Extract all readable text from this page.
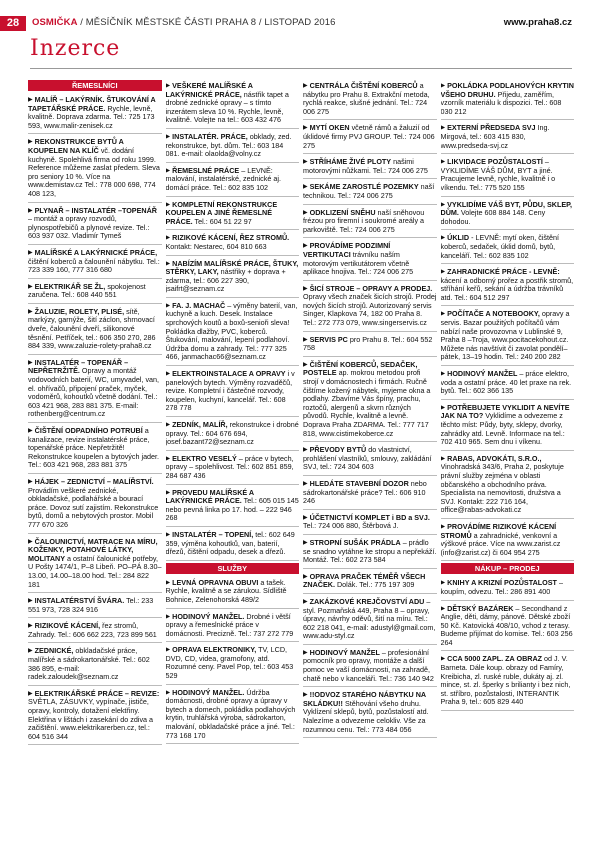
28	OSMIČKA / MĚSÍČNÍK MĚSTSKÉ ČÁSTI PRAHA 8 / LISTOPAD 2016	www.praha8.cz
Inzerce
ŘEMESLNÍCI
▶ MALÍŘ – LAKÝRNÍK. ŠTUKOVÁNÍ A TAPETÁŘSKÉ PRÁCE. Rychle, levně, kvalitně. Doprava zdarma. Tel.: 725 173 593, www.malir-zenisek.cz
▶ REKONSTRUKCE BYTŮ A KOUPELEN NA KLÍČ vč. dodání kuchyně. Spolehlivá firma od roku 1999. Reference můžeme zaslat předem. Sleva pro seniory 10 %. Více na www.demistav.cz Tel.: 778 000 698, 774 408 123,
▶ PLYNAŘ – INSTALATÉR –TOPENÁŘ – montáž a opravy rozvodů, plynospotřebičů a plynové revize. Tel.: 603 937 032. Vladimír Tymeš
▶ MALÍŘSKÉ A LAKÝRNICKÉ PRÁCE, čištění koberců a čalounění nábytku. Tel.: 723 339 160, 777 316 680
▶ ELEKTRIKÁŘ SE ŽL, spokojenost zaručena. Tel.: 608 440 551
▶ ŽALUZIE, ROLETY, PLISÉ, sítě, markýzy, garnýže, šití záclon, shrnovací dveře, čalounění dveří, silikonové těsnění. Petříček, tel.: 606 350 270, 286 884 339, www.zaluzie-rolety-praha8.cz
▶ INSTALATÉR – TOPENÁŘ – NEPŘETRŽITĚ. Opravy a montáž vodovodních baterií, WC, umyvadel, van, el. ohřívačů, připojení praček, myček, vodoměrů, kohoutků včetně dodání. Tel.: 603 421 968, 283 881 375. E-mail: rothenberg@centrum.cz
▶ ČIŠTĚNÍ ODPADNÍHO POTRUBÍ a kanalizace, revize instalatérské práce, topenářské práce. Nepřetržitě! Rekonstrukce koupelen a bytových jader. Tel.: 603 421 968, 283 881 375
▶ HÁJEK – ZEDNICTVÍ – MALÍŘSTVÍ. Provádím veškeré zednické, obkladačské, podlahářské a bourací práce. Dovoz sutí zajistím. Rekonstrukce bytů, domů a nebytových prostor. Mobil 777 670 326
▶ ČALOUNICTVÍ, MATRACE NA MÍRU, KOŽENKY, POTAHOVÉ LÁTKY, MOLITANY a ostatní čalounické potřeby, U Pošty 1474/1, P–8 Libeň. PO–PÁ 8.30–13.00, 14.00–18.00 hod. Tel.: 284 822 181
▶ INSTALATÉRSTVÍ ŠVÁRA. Tel.: 233 551 973, 728 324 916
▶ RIZIKOVÉ KÁCENÍ, řez stromů, Zahrady. Tel.: 606 662 223, 723 899 561
▶ ZEDNICKÉ, obkladačské práce, malířské a sádrokartonářské. Tel.: 602 386 895, e-mail: radek.zaloudek@seznam.cz
▶ ELEKTRIKÁŘSKÉ PRÁCE – REVIZE: SVĚTLA, ZÁSUVKY, vypínače, jističe, opravy, kontroly, dotažení elektřiny. Elektřina v lištách i zasekání do zdiva a začištění. www.elektrikarerben.cz, tel.: 604 516 344
▶ VEŠKERÉ MALÍŘSKÉ A LAKÝRNICKÉ PRÁCE, nástřik tapet a drobné zednické opravy – s tímto inzerátem sleva 10 %. Rychle, levně, kvalitně. Volejte na tel.: 603 432 476
▶ INSTALATÉR. PRÁCE, obklady, zed. rekonstrukce, byt. dům. Tel.: 603 184 081. e-mail: olaolda@volny.cz
▶ ŘEMESLNÉ PRÁCE – LEVNĚ: malování, instalatérské, zednické aj. domácí práce. Tel.: 602 835 102
▶ KOMPLETNÍ REKONSTRUKCE KOUPELEN A JINÉ ŘEMESLNÉ PRÁCE. Tel.: 604 51 22 97
▶ RIZIKOVÉ KÁCENÍ, ŘEZ STROMŮ. Kontakt: Nestarec, 604 810 663
▶ NABÍZÍM MALÍŘSKÉ PRÁCE, ŠTUKY, STĚRKY, LAKY, nástřiky + doprava + zdarma, tel.: 606 227 390, jsaifrt@seznam.cz
▶ FA. J. MACHAČ – výměny baterií, van, kuchyně a kuch. Desek. Instalace sprchových koutů a boxů-senioři sleva! Pokládka dlažby, PVC, koberců. Štukování, malování, lepení podlahoví. Údržba domu a zahrady. Tel.: 777 325 466, janmachac66@seznam.cz
▶ ELEKTROINSTALACE A OPRAVY i v panelových bytech. Výměny rozvaděčů, revize. Kompletní i částečné rozvody, koupelen, kuchyní, kancelář. Tel.: 608 278 778
▶ ZEDNÍK, MALÍŘ, rekonstrukce i drobné opravy. Tel.: 604 676 694, josef.bazant72@seznam.cz
▶ ELEKTRO VESELÝ – práce v bytech, opravy – spolehlivost. Tel.: 602 851 859, 284 687 436
▶ PROVEDU MALÍŘSKÉ A LAKÝRNICKÉ PRÁCE. Tel.: 605 015 145 nebo pevná linka po 17. hod. – 222 946 268
▶ INSTALATÉR – TOPENÍ, tel.: 602 649 359, výměna kohoutků, van, baterií, dřezů, čištění odpadu, desek a dřezů.
SLUŽBY
▶ LEVNÁ OPRAVNA OBUVI a tašek. Rychle, kvalitně a se zárukou. Sídliště Bohnice, Zelenohorská 489/2
▶ HODINOVÝ MANŽEL. Drobné i větší opravy a řemeslnické práce v domácnosti. Precizně. Tel.: 737 272 779
▶ OPRAVA ELEKTRONIKY, TV, LCD, DVD, CD, videa, gramofony, atd. Rozumné ceny. Pavel Pop, tel.: 603 453 529
▶ HODINOVÝ MANŽEL. Údržba domácnosti, drobné opravy a úpravy v bytech a domech, pokládka podlahových krytin, truhlářská výroba, sádrokarton, malování, obkladačské práce a jiné. Tel.: 773 168 170
▶ CENTRÁLA ČIŠTĚNÍ KOBERCŮ a nábytku pro Prahu 8. Extrakční metoda, rychlá reakce, slušné jednání. Tel.: 724 006 275
▶ MYTÍ OKEN včetně rámů a žaluzií od úklidové firmy PVJ GROUP. Tel.: 724 006 275
▶ STŘÍHÁME ŽIVÉ PLOTY našimi motorovými nůžkami. Tel.: 724 006 275
▶ SEKÁME ZAROSTLÉ POZEMKY naší technikou. Tel.: 724 006 275
▶ ODKLIZENÍ SNĚHU naší sněhovou frézou pro firemní i soukromé areály a parkoviště. Tel.: 724 006 275
▶ PROVÁDÍME PODZIMNÍ VERTIKUTACI trávníku naším motorovým vertikutátorem včetně aplikace hnojiva. Tel.: 724 006 275
▶ ŠICÍ STROJE – OPRAVY A PRODEJ. Opravy všech značek šicích strojů. Prodej nových šicích strojů. Autorizovaný servis Singer, Klapkova 74, 182 00 Praha 8. Tel.: 272 773 079, www.singerservis.cz
▶ SERVIS PC pro Prahu 8. Tel.: 604 552 758
▶ ČIŠTĚNÍ KOBERCŮ, SEDAČEK, POSTELE ap. mokrou metodou profi strojí v domácnostech i firmách. Ručně čištíme kožený nábytek, myjeme okna a podlahy. Zbavíme Vás špíny, prachu, roztočů, alergenů a skvrn různých původů. Rychle, kvalitně a levně. Doprava Praha ZDARMA. Tel.: 777 717 818, www.cistimekoberce.cz
▶ PŘEVODY BYTŮ do vlastnictví, prohlášení vlastníků, smlouvy, zakládání SVJ, tel.: 724 304 603
▶ HLEDÁTE STAVEBNÍ DOZOR nebo sádrokartonářské práce? Tel.: 606 910 246
▶ ÚČETNICTVÍ KOMPLET i BD a SVJ. Tel.: 724 006 880, Štěrbová J.
▶ STROPNÍ SUŠÁK PRÁDLA – prádlo se snadno vytáhne ke stropu a nepřekáží. Montáž. Tel.: 602 273 584
▶ OPRAVA PRAČEK TÉMĚŘ VŠECH ZNAČEK. Dolák. Tel.: 775 197 309
▶ ZAKÁZKOVÉ KREJČOVSTVÍ ADU – styl. Pozmaňská 449, Praha 8 – opravy, úpravy, návrhy oděvů, šití na míru. Tel.: 602 218 041, e-mail: adustyl@gmail.com, www.adu-styl.cz
▶ HODINOVÝ MANŽEL – profesionální pomocník pro opravy, montáže a další pomoc ve vaší domácnosti, na zahradě, chatě nebo v kanceláři. Tel.: 736 140 942
▶ !!ODVOZ STARÉHO NÁBYTKU NA SKLÁDKU!! Stěhování všeho druhu. Vyklízení sklepů, bytů, pozůstalostí atd. Nalezíme a odvezeme celokliv. Vše za rozumnou cenu. Tel.: 773 484 056
▶ POKLÁDKA PODLAHOVÝCH KRYTIN VŠEHO DRUHU. Přijedu, zaměřím, vzorník materiálu k dispozici. Tel.: 608 030 212
▶ EXTERNÍ PŘEDSEDA SVJ Ing. Mirgová, tel.: 603 415 830, www.predseda-svj.cz
▶ LIKVIDACE POZŮSTALOSTÍ – VYKLIDÍME VÁŠ DŮM, BYT a jiné. Pracujeme levně, rychle, kvalitně i o víkendu. Tel.: 775 520 155
▶ VYKLIDÍME VÁŠ BYT, PŮDU, SKLEP, DŮM. Volejte 608 884 148. Ceny dohodou.
▶ ÚKLID - LEVNĚ: mytí oken, čištění koberců, sedaček, úklid domů, bytů, kanceláří. Tel.: 602 835 102
▶ ZAHRADNICKÉ PRÁCE - LEVNĚ: kácení a odborný prořez a postřik stromů, stříhání keřů, sekání a údržba trávníků atd. Tel.: 604 512 297
▶ POČÍTAČE A NOTEBOOKY, opravy a servis. Bazar použitých počítačů vám nabízí naše provozovna v Lublinské 9, Praha 8 –Troja, www.pocitacekohout.cz. Můžete nás navštívit či zavolat pondělí–pátek, 13–19 hodin. Tel.: 240 200 282
▶ HODINOVÝ MANŽEL – práce elektro, voda a ostatní práce. 40 let praxe na rek. bytů. Tel.: 602 366 135
▶ POTŘEBUJETE VYKLIDIT A NEVÍTE JAK NA TO? Vyklidíme a odvezeme z těchto míst: Půdy, byty, sklepy, dvorky, zahrádky atd. Levně. Informace na tel.: 702 410 965. Sem dnu i víkenu.
▶ RABAS, ADVOKÁTI, S.R.O., Vinohradská 343/6, Praha 2, poskytuje právní služby zejména v oblasti občanského a obchodního práva. Specialista na nemovitosti, družstva a SVJ. Kontakt: 222 716 164, office@rabas-advokati.cz
▶ PROVÁDÍME RIZIKOVÉ KÁCENÍ STROMŮ a zahradnické, venkovní a výškové práce. Více na www.zarist.cz (info@zarist.cz) či 604 954 275
NÁKUP – PRODEJ
▶ KNIHY A KRIZNÍ POZŮSTALOST – koupím, odvezu. Tel.: 286 891 400
▶ DĚTSKÝ BAZÁREK – Secondhand z Anglie, děti, dámy, pánové. Dětské zboží 50 Kč. Katovická 408/10, vchod z terasy. Budeme přijímat do komise. Tel.: 603 256 264
▶ CCA 5000 ZAPL. ZA OBRAZ od J. V. Barneta. Dále koup. obrazy od Famíry, Kreibicha, zl. ruské ruble, dukáty aj. zl. mince, st. zl. šperky s brilianty i bez nich, st. stříbro, pozůstalosti, INTERANTIK Praha 9, tel.: 605 829 440
